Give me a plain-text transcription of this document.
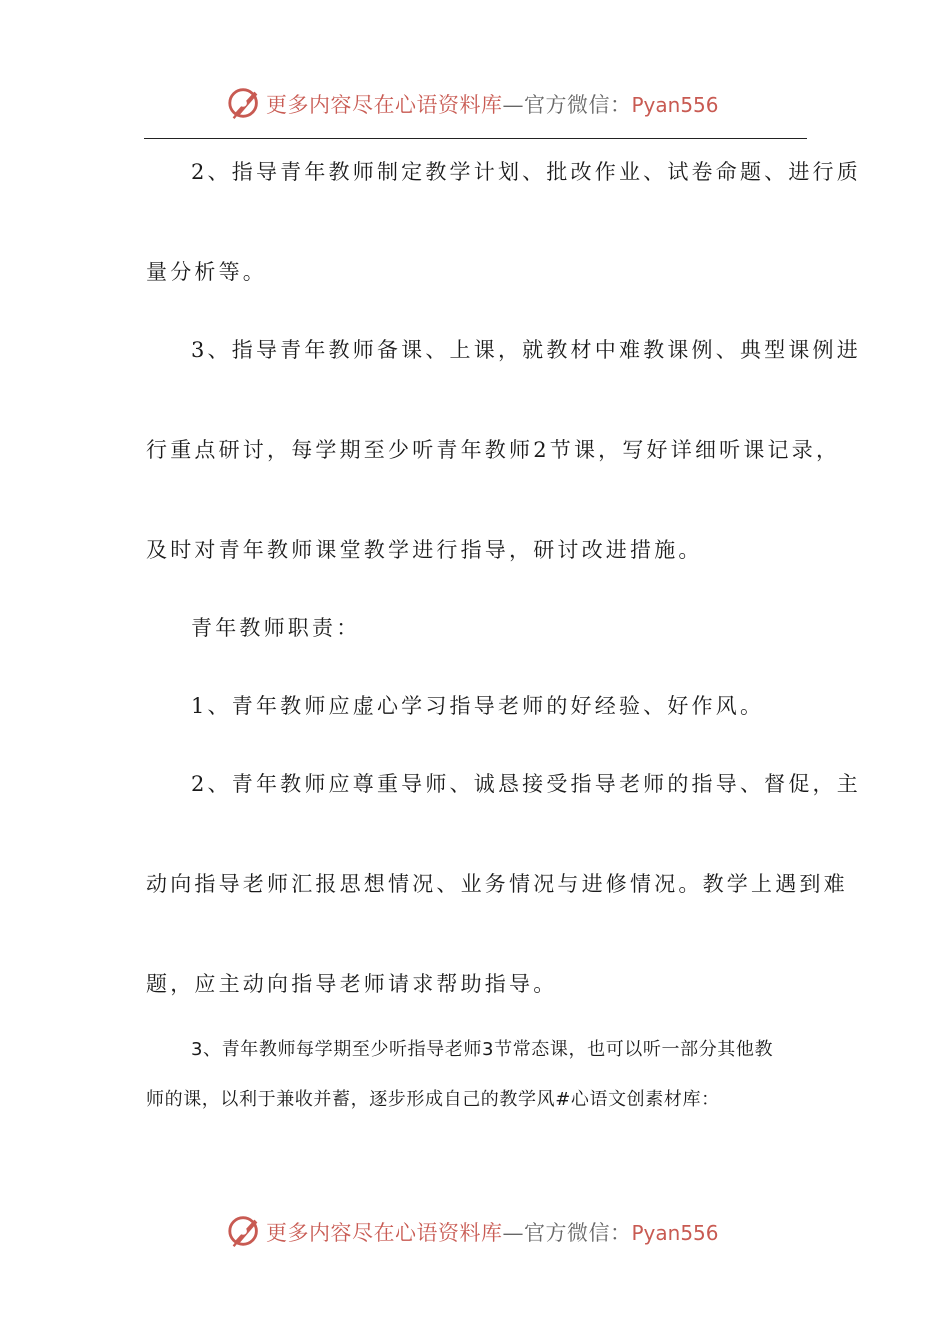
更多内容尽在心语资料库—官方微信：Pyan556
2、指导青年教师制定教学计划、批改作业、试卷命题、进行质
量分析等。
3、指导青年教师备课、上课，就教材中难教课例、典型课例进
行重点研讨，每学期至少听青年教师2节课，写好详细听课记录，
及时对青年教师课堂教学进行指导，研讨改进措施。
青年教师职责：
1、青年教师应虚心学习指导老师的好经验、好作风。
2、青年教师应尊重导师、诚恳接受指导老师的指导、督促，主
动向指导老师汇报思想情况、业务情况与进修情况。教学上遇到难
题，应主动向指导老师请求帮助指导。
3、青年教师每学期至少听指导老师3节常态课，也可以听一部分其他教
师的课，以利于兼收并蓄，逐步形成自己的教学风#心语文创素材库：
更多内容尽在心语资料库—官方微信：Pyan556
